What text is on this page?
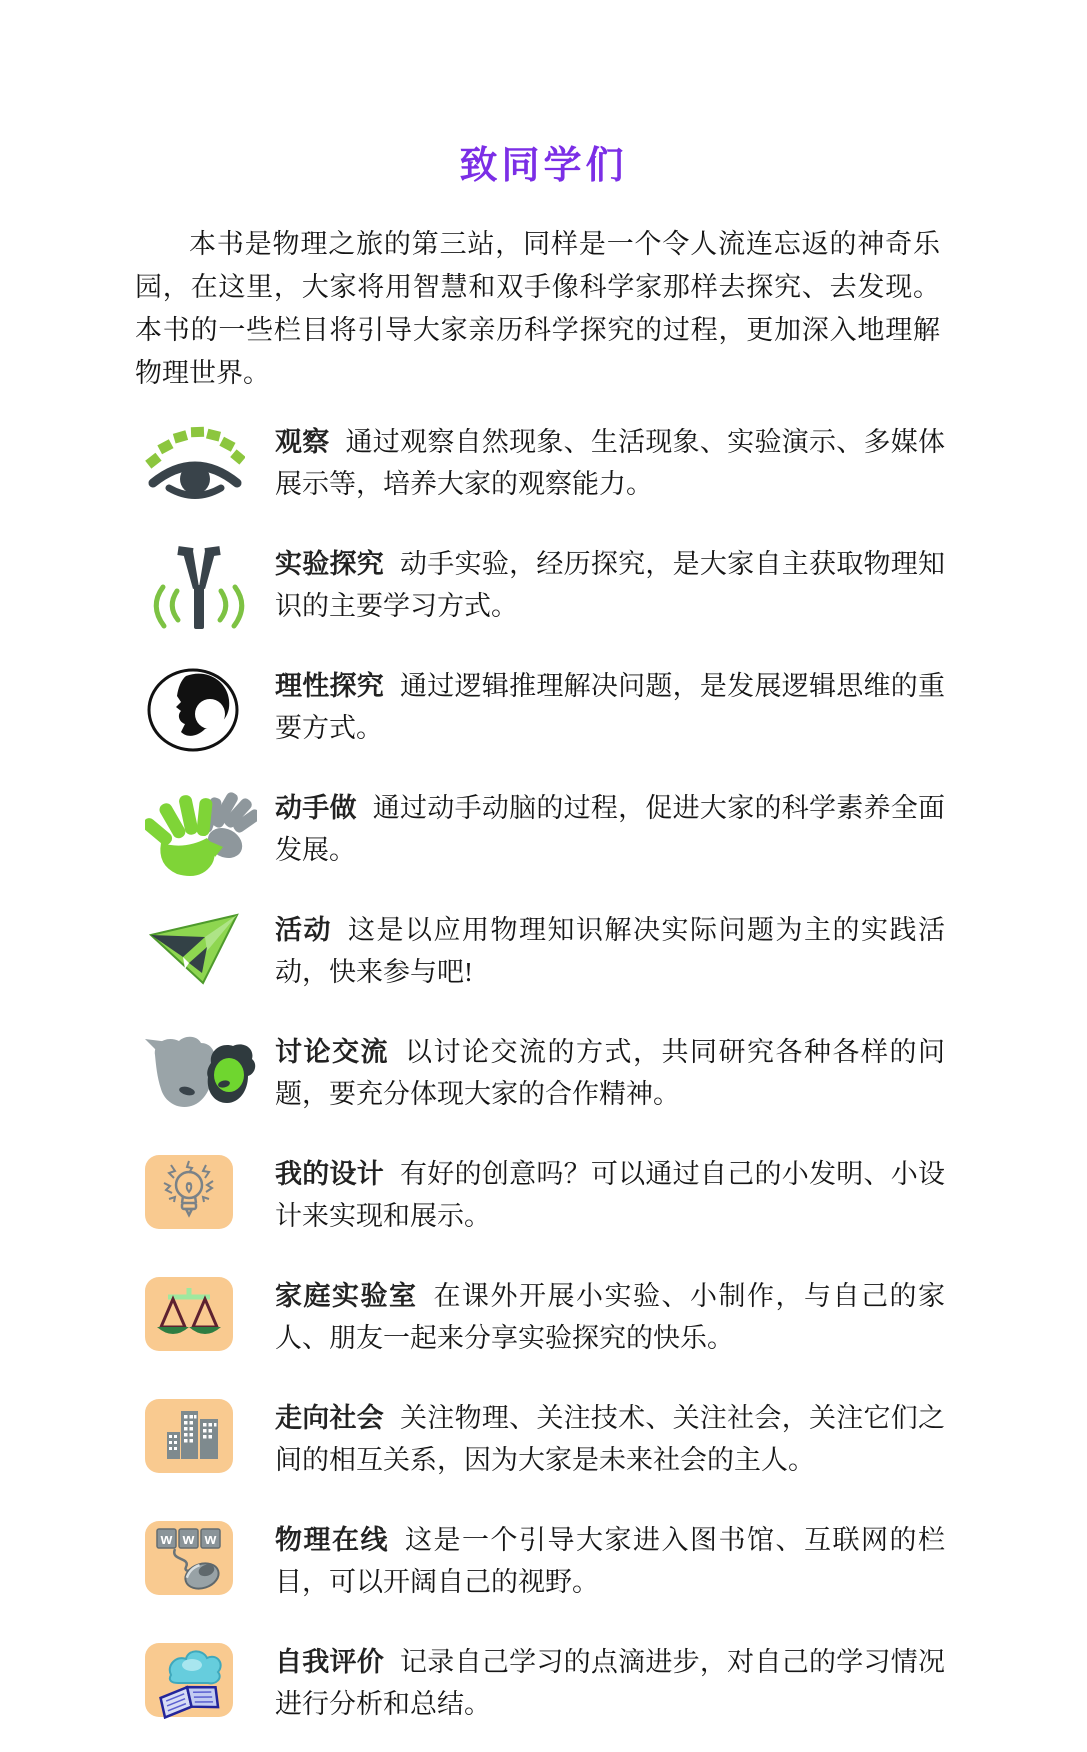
致同学们

本书是物理之旅的第三站，同样是一个令人流连忘返的神奇乐园，在这里，大家将用智慧和双手像科学家那样去探究、去发现。本书的一些栏目将引导大家亲历科学探究的过程，更加深入地理解物理世界。

观察 通过观察自然现象、生活现象、实验演示、多媒体展示等，培养大家的观察能力。

实验探究 动手实验，经历探究，是大家自主获取物理知识的主要学习方式。

理性探究 通过逻辑推理解决问题，是发展逻辑思维的重要方式。

动手做 通过动手动脑的过程，促进大家的科学素养全面发展。

活动 这是以应用物理知识解决实际问题为主的实践活动，快来参与吧!

讨论交流 以讨论交流的方式，共同研究各种各样的问题，要充分体现大家的合作精神。

我的设计 有好的创意吗？可以通过自己的小发明、小设计来实现和展示。

家庭实验室 在课外开展小实验、小制作，与自己的家人、朋友一起来分享实验探究的快乐。

走向社会 关注物理、关注技术、关注社会，关注它们之间的相互关系，因为大家是未来社会的主人。

w w w 物理在线 这是一个引导大家进入图书馆、互联网的栏目，可以开阔自己的视野。

自我评价 记录自己学习的点滴进步，对自己的学习情况进行分析和总结。
